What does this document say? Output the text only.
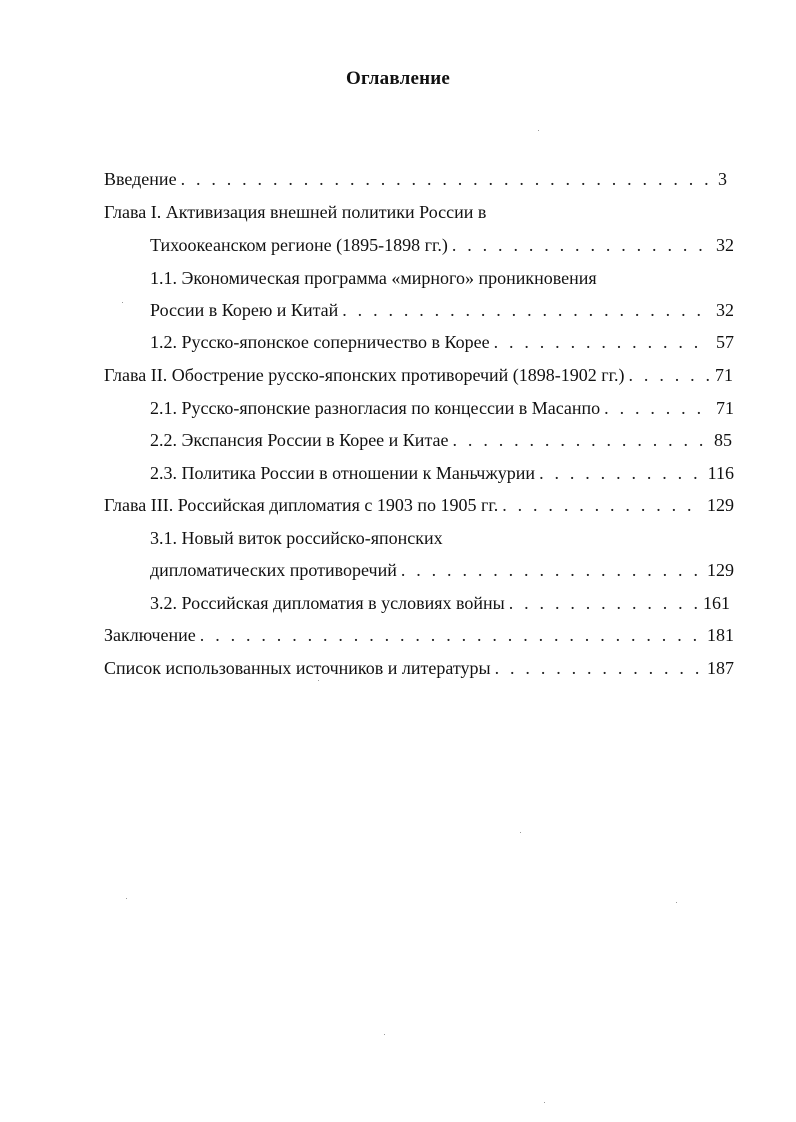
Оглавление
Введение . . .	3
Глава I. Активизация внешней политики России в
Тихоокеанском регионе (1895-1898 гг.) . . .	32
1.1. Экономическая программа «мирного» проникновения
России в Корею и Китай . . .	32
1.2. Русско-японское соперничество в Корее . . .	57
Глава II. Обострение русско-японских противоречий (1898-1902 гг.) . . .	71
2.1. Русско-японские разногласия по концессии в Масанпо . . .	71
2.2. Экспансия России в Корее и Китае . . .	85
2.3. Политика России в отношении к Маньчжурии . . .	116
Глава III. Российская дипломатия с 1903 по 1905 гг. . . .	129
3.1. Новый виток российско-японских
дипломатических противоречий . . .	129
3.2. Российская дипломатия в условиях войны . . .	161
Заключение . . .	181
Список использованных источников и литературы . . .	187
